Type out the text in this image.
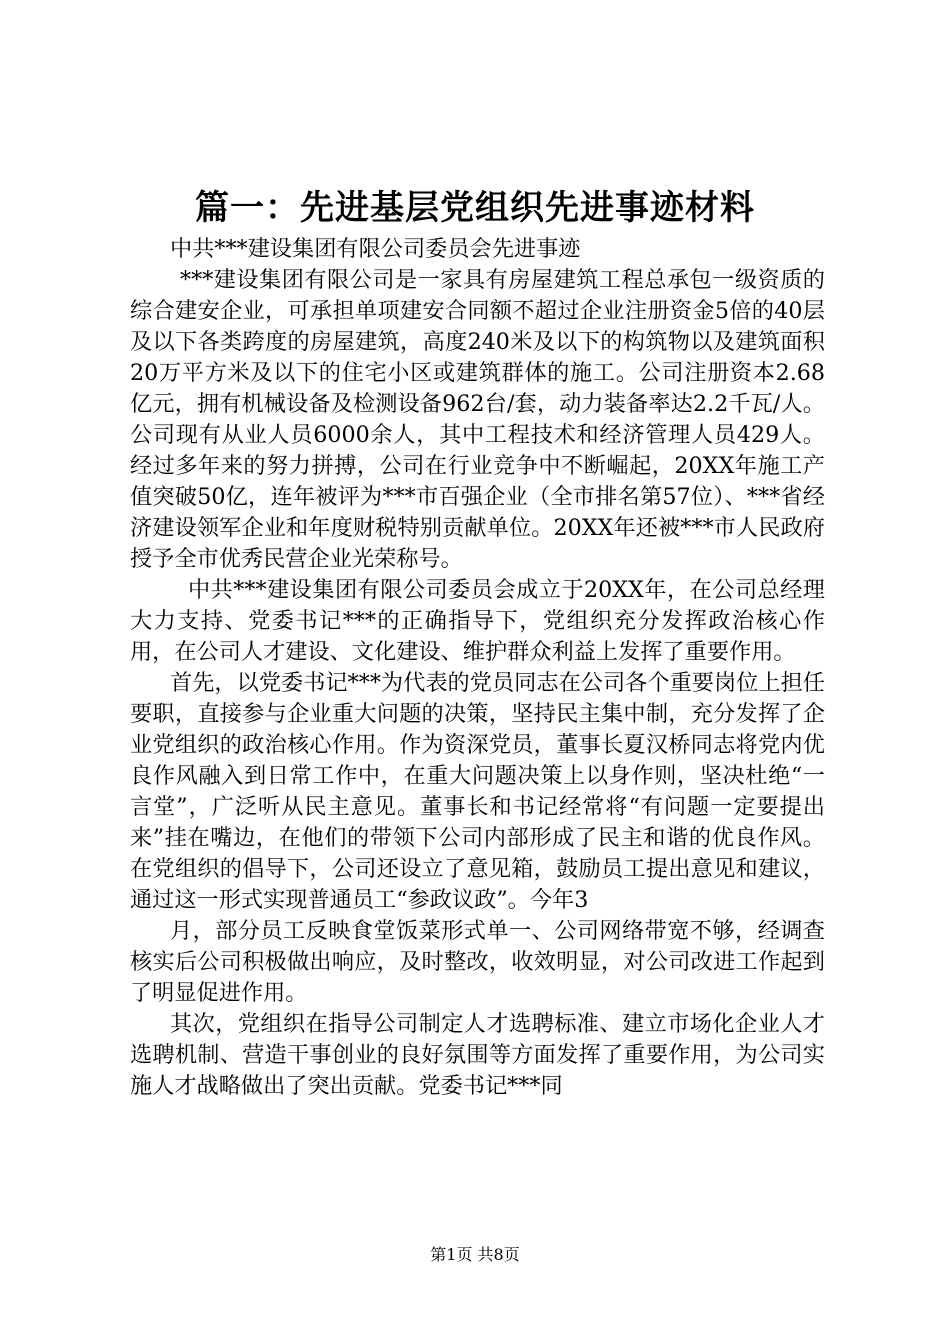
篇一：先进基层党组织先进事迹材料

中共***建设集团有限公司委员会先进事迹

***建设集团有限公司是一家具有房屋建筑工程总承包一级资质的综合建安企业，可承担单项建安合同额不超过企业注册资金5倍的40层及以下各类跨度的房屋建筑，高度240米及以下的构筑物以及建筑面积20万平方米及以下的住宅小区或建筑群体的施工。公司注册资本2.68亿元，拥有机械设备及检测设备962台/套，动力装备率达2.2千瓦/人。公司现有从业人员6000余人，其中工程技术和经济管理人员429人。经过多年来的努力拼搏，公司在行业竞争中不断崛起，20XX年施工产值突破50亿，连年被评为***市百强企业（全市排名第57位）、***省经济建设领军企业和年度财税特别贡献单位。20XX年还被***市人民政府授予全市优秀民营企业光荣称号。

中共***建设集团有限公司委员会成立于20XX年，在公司总经理大力支持、党委书记***的正确指导下，党组织充分发挥政治核心作用，在公司人才建设、文化建设、维护群众利益上发挥了重要作用。

首先，以党委书记***为代表的党员同志在公司各个重要岗位上担任要职，直接参与企业重大问题的决策，坚持民主集中制，充分发挥了企业党组织的政治核心作用。作为资深党员，董事长夏汉桥同志将党内优良作风融入到日常工作中，在重大问题决策上以身作则，坚决杜绝“一言堂”，广泛听从民主意见。董事长和书记经常将“有问题一定要提出来”挂在嘴边，在他们的带领下公司内部形成了民主和谐的优良作风。在党组织的倡导下，公司还设立了意见箱，鼓励员工提出意见和建议，通过这一形式实现普通员工“参政议政”。今年3

月，部分员工反映食堂饭菜形式单一、公司网络带宽不够，经调查核实后公司积极做出响应，及时整改，收效明显，对公司改进工作起到了明显促进作用。

其次，党组织在指导公司制定人才选聘标准、建立市场化企业人才选聘机制、营造干事创业的良好氛围等方面发挥了重要作用，为公司实施人才战略做出了突出贡献。党委书记***同

第1页 共8页
